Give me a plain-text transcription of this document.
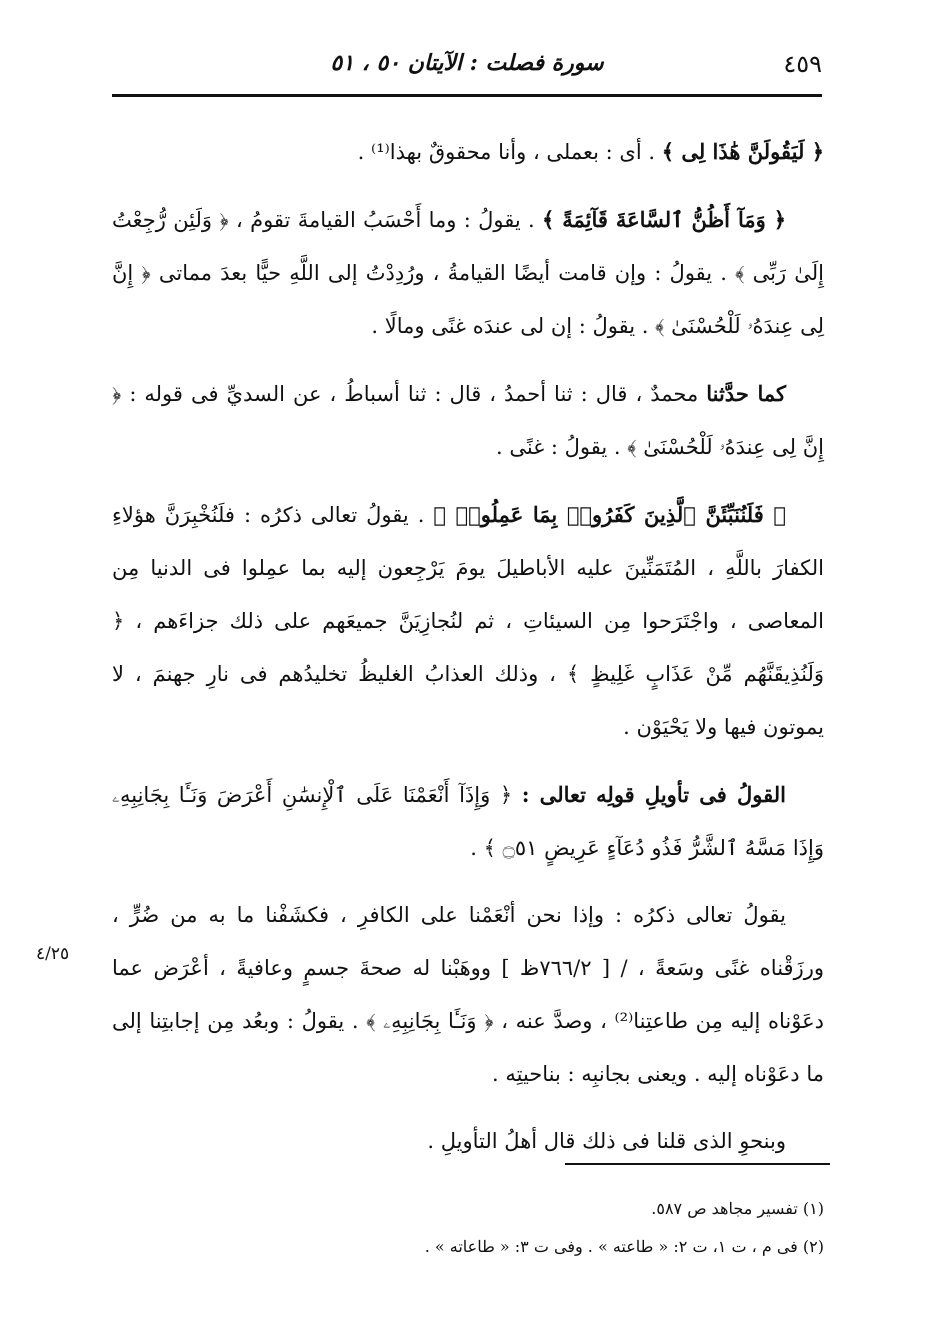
٤٥٩
سورة فصلت : الآيتان ٥٠ ، ٥١

﴿ لَيَقُولَنَّ هَٰذَا لِى ﴾ . أى : بعملى ، وأنا محقوقٌ بهذا⁽¹⁾ .

﴿ وَمَآ أَظُنُّ ٱلسَّاعَةَ قَآئِمَةً ﴾ . يقولُ : وما أَحْسَبُ القيامةَ تقومُ ، ﴿ وَلَئِن رُّجِعْتُ إِلَىٰ رَبِّى ﴾ . يقولُ : وإن قامت أيضًا القيامةُ ، ورُدِدْتُ إلى اللَّهِ حيًّا بعدَ مماتى ﴿ إِنَّ لِى عِندَهُۥ لَلْحُسْنَىٰ ﴾ . يقولُ : إن لى عندَه غنًى ومالًا .

كما حدَّثنا محمدٌ ، قال : ثنا أحمدُ ، قال : ثنا أسباطُ ، عن السديِّ فى قوله : ﴿ إِنَّ لِى عِندَهُۥ لَلْحُسْنَىٰ ﴾ . يقولُ : غنًى .

﴿ فَلَنُنَبِّئَنَّ ٱلَّذِينَ كَفَرُوا۟ بِمَا عَمِلُوا۟ ﴾ . يقولُ تعالى ذكرُه : فلَنُخْبِرَنَّ هؤلاءِ الكفارَ باللَّهِ ، المُتَمَنِّينَ عليه الأباطيلَ يومَ يَرْجِعون إليه بما عمِلوا فى الدنيا مِن المعاصى ، واجْتَرَحوا مِن السيئاتِ ، ثم لنُجازِيَنَّ جميعَهم على ذلك جزاءَهم ، ﴿ وَلَنُذِيقَنَّهُم مِّنْ عَذَابٍ غَلِيظٍ ﴾ ، وذلك العذابُ الغليظُ تخليدُهم فى نارِ جهنمَ ، لا يموتون فيها ولا يَحْيَوْن .

القولُ فى تأويلِ قولِه تعالى : ﴿ وَإِذَآ أَنْعَمْنَا عَلَى ٱلْإِنسَٰنِ أَعْرَضَ وَنَـَٔا بِجَانِبِهِۦ وَإِذَا مَسَّهُ ٱلشَّرُّ فَذُو دُعَآءٍ عَرِيضٍ ۝٥١ ﴾ .

يقولُ تعالى ذكرُه : وإذا نحن أنْعَمْنا على الكافرِ ، فكشَفْنا ما به من ضُرٍّ ، ورزَقْناه غنًى وسَعةً ، / [ ٧٦٦/٢ظ ] ووهَبْنا له صحةَ جسمٍ وعافيةً ، أعْرَض عما دعَوْناه إليه مِن طاعتِنا⁽²⁾ ، وصدَّ عنه ، ﴿ وَنَـَٔا بِجَانِبِهِۦ ﴾ . يقولُ : وبعُد مِن إجابتِنا إلى ما دعَوْناه إليه . ويعنى بجانبِه : بناحيتِه .

وبنحوِ الذى قلنا فى ذلك قال أهلُ التأويلِ .

٤/٢٥
(١) تفسير مجاهد ص ٥٨٧.
(٢) فى م ، ت ١، ت ٢: « طاعته » . وفى ت ٣: « طاعاته » .
